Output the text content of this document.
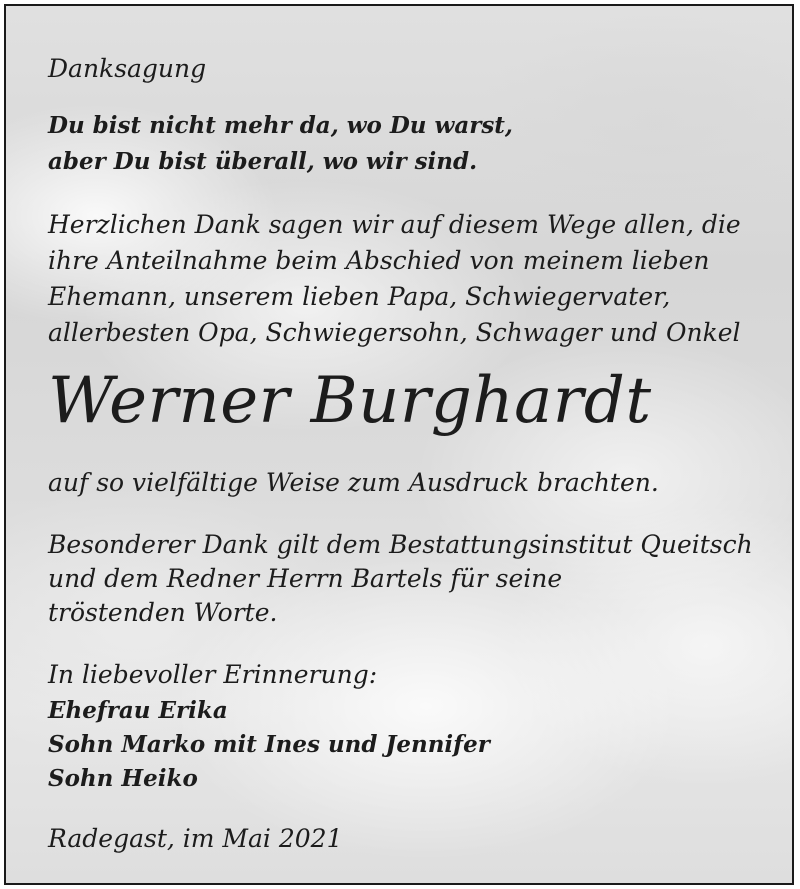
Danksagung

Du bist nicht mehr da, wo Du warst,
aber Du bist überall, wo wir sind.

Herzlichen Dank sagen wir auf diesem Wege allen, die
ihre Anteilnahme beim Abschied von meinem lieben
Ehemann, unserem lieben Papa, Schwiegervater,
allerbesten Opa, Schwiegersohn, Schwager und Onkel

Werner Burghardt

auf so vielfältige Weise zum Ausdruck brachten.

Besonderer Dank gilt dem Bestattungsinstitut Queitsch
und dem Redner Herrn Bartels für seine
tröstenden Worte.

In liebevoller Erinnerung:

Ehefrau Erika
Sohn Marko mit Ines und Jennifer
Sohn Heiko

Radegast, im Mai 2021
